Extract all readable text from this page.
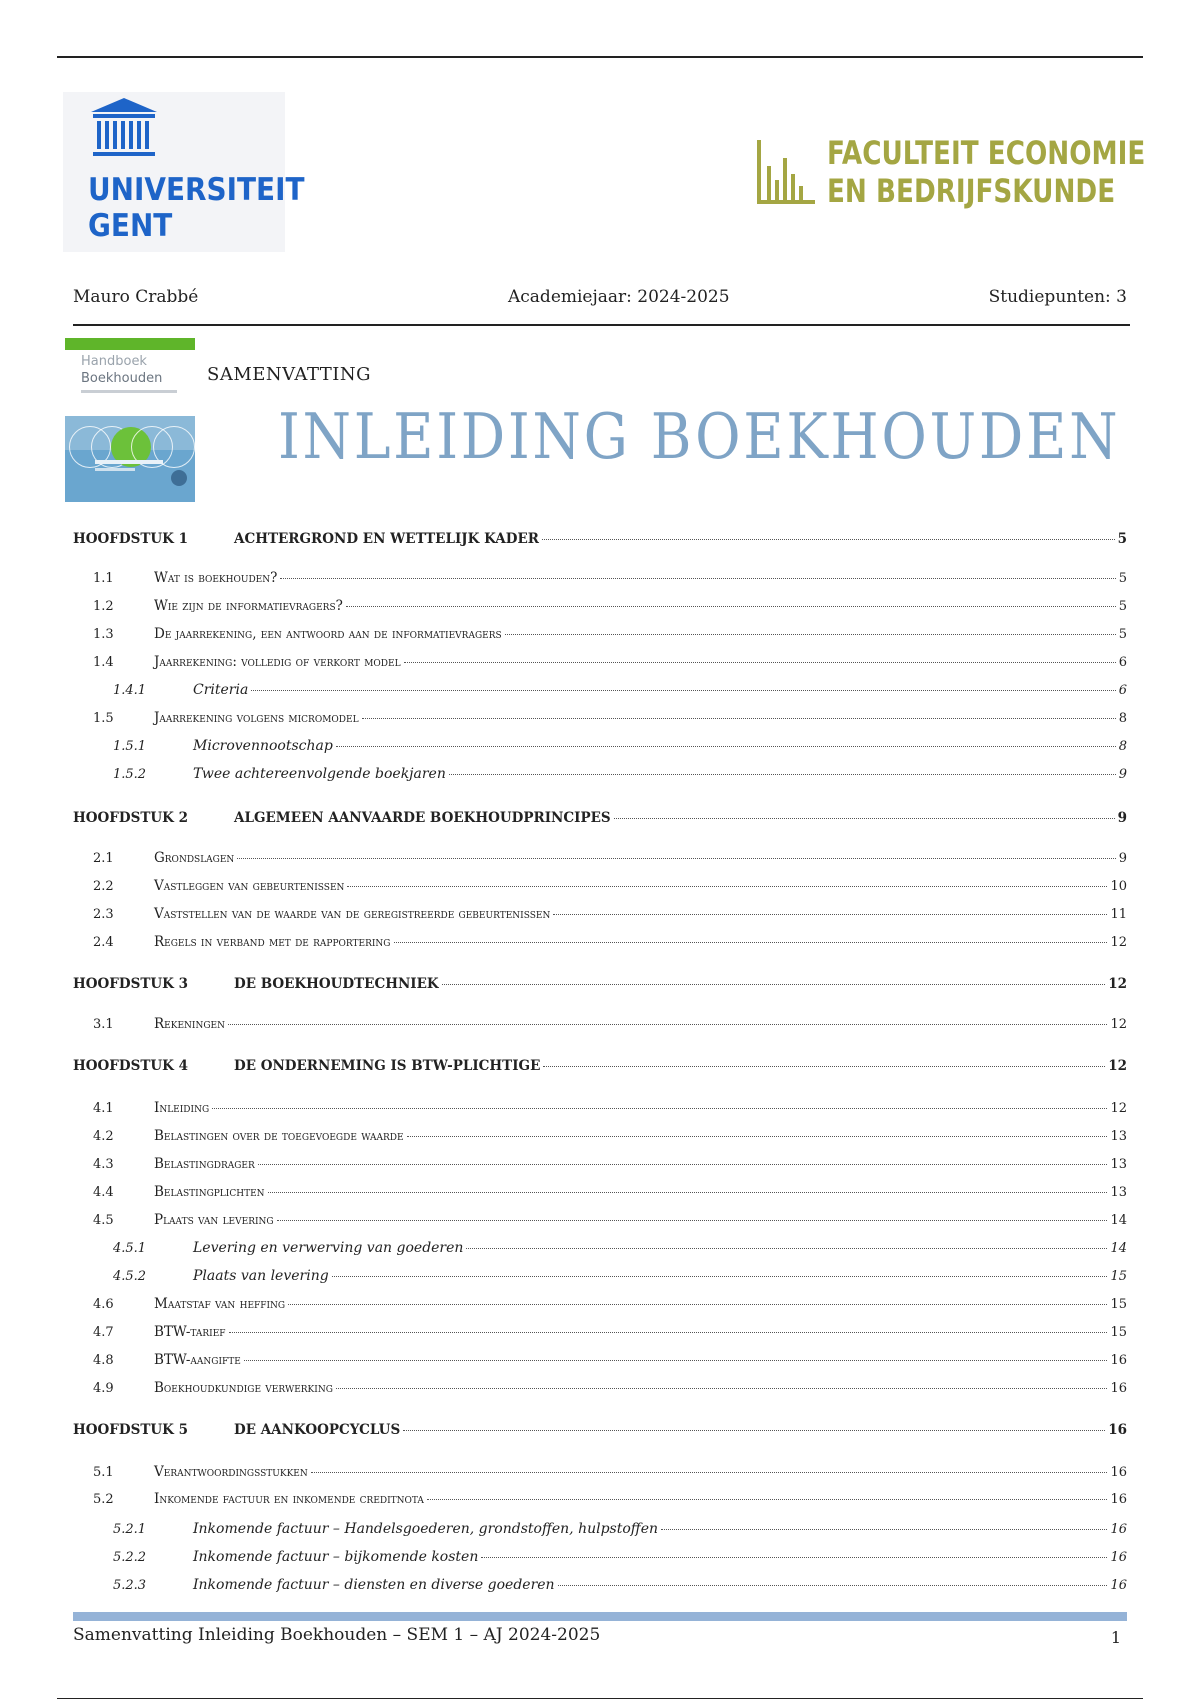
UNIVERSITEIT
GENT
FACULTEIT ECONOMIE
EN BEDRIJFSKUNDE
Mauro Crabbé	Academiejaar: 2024-2025	Studiepunten: 3
Handboek
Boekhouden SAMENVATTING
INLEIDING BOEKHOUDEN
HOOFDSTUK 1	ACHTERGROND EN WETTELIJK KADER	5
1.1	Wat is boekhouden?	5
1.2	Wie zijn de informatievragers?	5
1.3	De jaarrekening, een antwoord aan de informatievragers	5
1.4	Jaarrekening: volledig of verkort model	6
1.4.1	Criteria	6
1.5	Jaarrekening volgens micromodel	8
1.5.1	Microvennootschap	8
1.5.2	Twee achtereenvolgende boekjaren	9
HOOFDSTUK 2	ALGEMEEN AANVAARDE BOEKHOUDPRINCIPES	9
2.1	Grondslagen	9
2.2	Vastleggen van gebeurtenissen	10
2.3	Vaststellen van de waarde van de geregistreerde gebeurtenissen	11
2.4	Regels in verband met de rapportering	12
HOOFDSTUK 3	DE BOEKHOUDTECHNIEK	12
3.1	Rekeningen	12
HOOFDSTUK 4	DE ONDERNEMING IS BTW-PLICHTIGE	12
4.1	Inleiding	12
4.2	Belastingen over de toegevoegde waarde	13
4.3	Belastingdrager	13
4.4	Belastingplichten	13
4.5	Plaats van levering	14
4.5.1	Levering en verwerving van goederen	14
4.5.2	Plaats van levering	15
4.6	Maatstaf van heffing	15
4.7	BTW-tarief	15
4.8	BTW-aangifte	16
4.9	Boekhoudkundige verwerking	16
HOOFDSTUK 5	DE AANKOOPCYCLUS	16
5.1	Verantwoordingsstukken	16
5.2	Inkomende factuur en inkomende creditnota	16
5.2.1	Inkomende factuur – Handelsgoederen, grondstoffen, hulpstoffen	16
5.2.2	Inkomende factuur – bijkomende kosten	16
5.2.3	Inkomende factuur – diensten en diverse goederen	16
Samenvatting Inleiding Boekhouden – SEM 1 – AJ 2024-2025	1
